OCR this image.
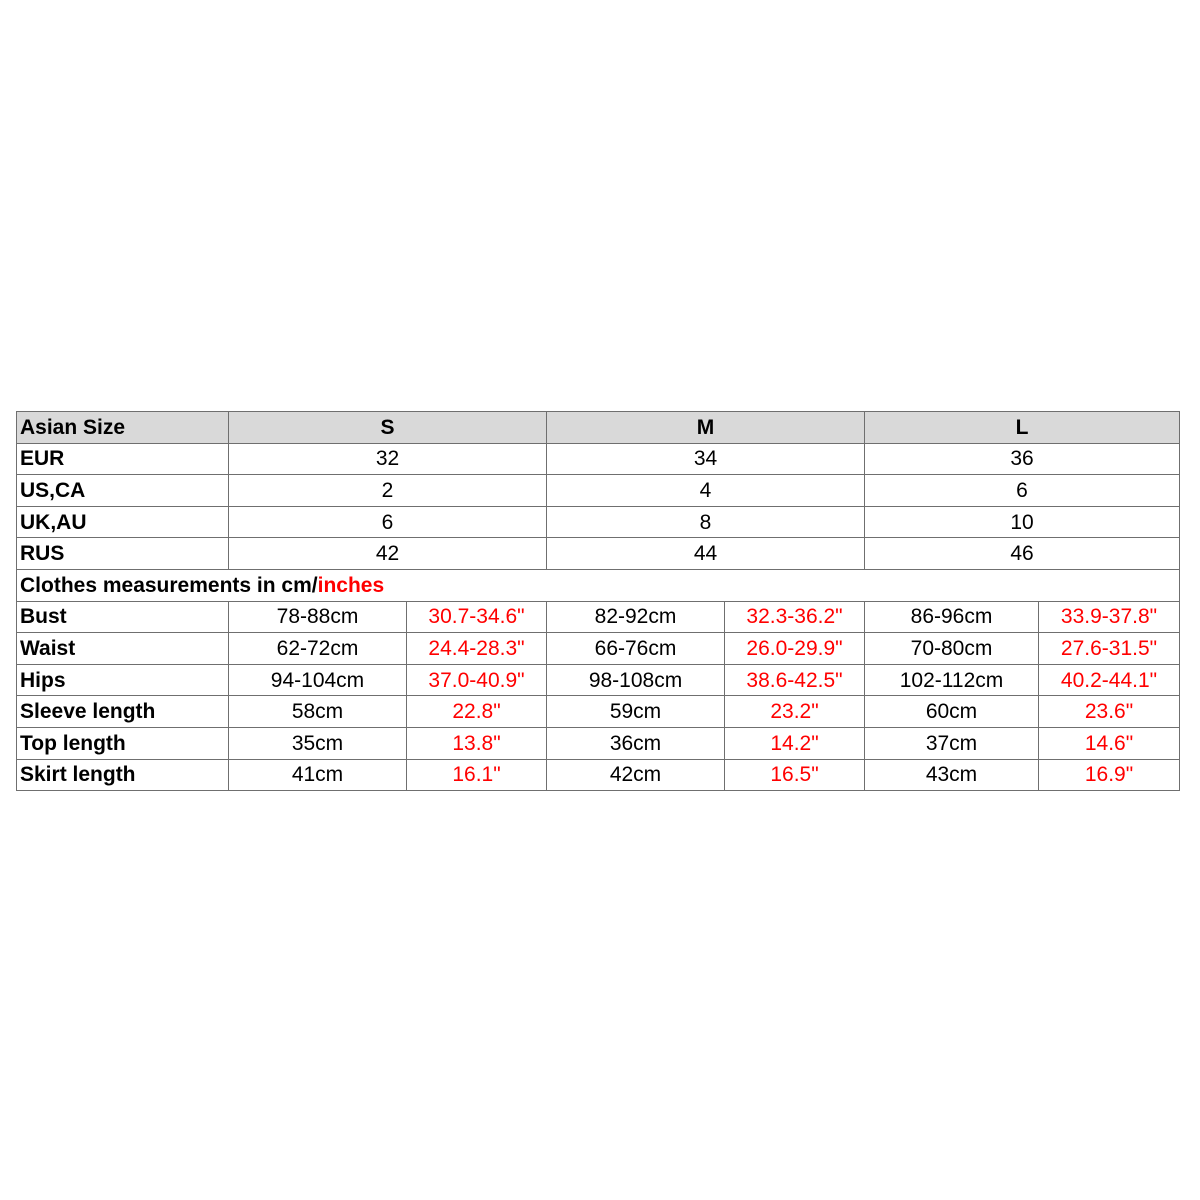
Asian Size	S		M		L	
EUR	32		34		36	
US,CA	2		4		6	
UK,AU	6		8		10	
RUS	42		44		46	
Clothes measurements in cm/inches						
Bust	78-88cm	30.7-34.6"	82-92cm	32.3-36.2"	86-96cm	33.9-37.8"
Waist	62-72cm	24.4-28.3"	66-76cm	26.0-29.9"	70-80cm	27.6-31.5"
Hips	94-104cm	37.0-40.9"	98-108cm	38.6-42.5"	102-112cm	40.2-44.1"
Sleeve length	58cm	22.8"	59cm	23.2"	60cm	23.6"
Top length	35cm	13.8"	36cm	14.2"	37cm	14.6"
Skirt length	41cm	16.1"	42cm	16.5"	43cm	16.9"
